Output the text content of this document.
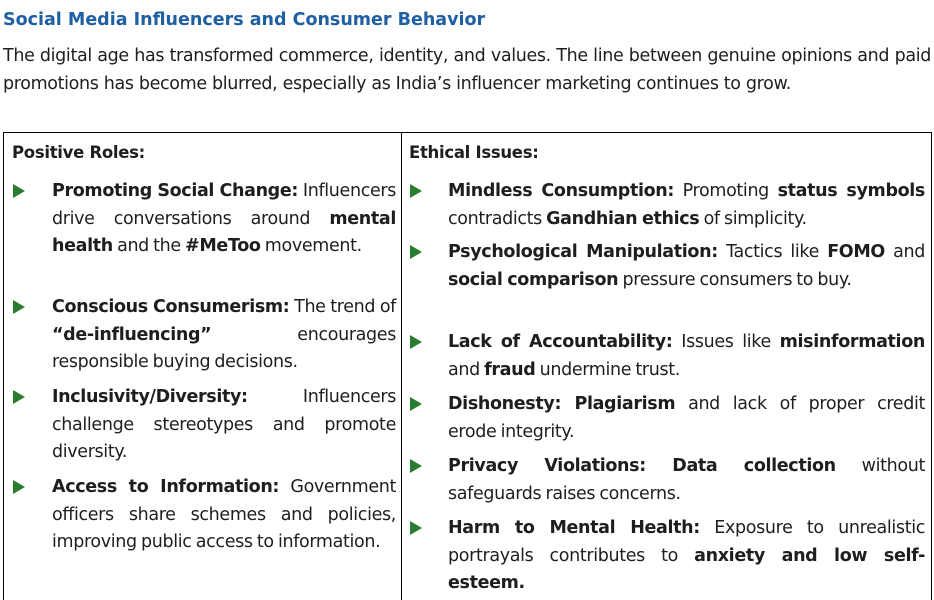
Social Media Influencers and Consumer Behavior
The digital age has transformed commerce, identity, and values. The line between genuine opinions and paid promotions has become blurred, especially as India’s influencer marketing continues to grow.
Positive Roles:
Promoting Social Change: Influencers drive conversations around mental health and the #MeToo movement.
Conscious Consumerism: The trend of “de-influencing” encourages responsible buying decisions.
Inclusivity/Diversity: Influencers challenge stereotypes and promote diversity.
Access to Information: Government officers share schemes and policies, improving public access to information.
Ethical Issues:
Mindless Consumption: Promoting status symbols contradicts Gandhian ethics of simplicity.
Psychological Manipulation: Tactics like FOMO and social comparison pressure consumers to buy.
Lack of Accountability: Issues like misinformation and fraud undermine trust.
Dishonesty: Plagiarism and lack of proper credit erode integrity.
Privacy Violations: Data collection without safeguards raises concerns.
Harm to Mental Health: Exposure to unrealistic portrayals contributes to anxiety and low self-esteem.
